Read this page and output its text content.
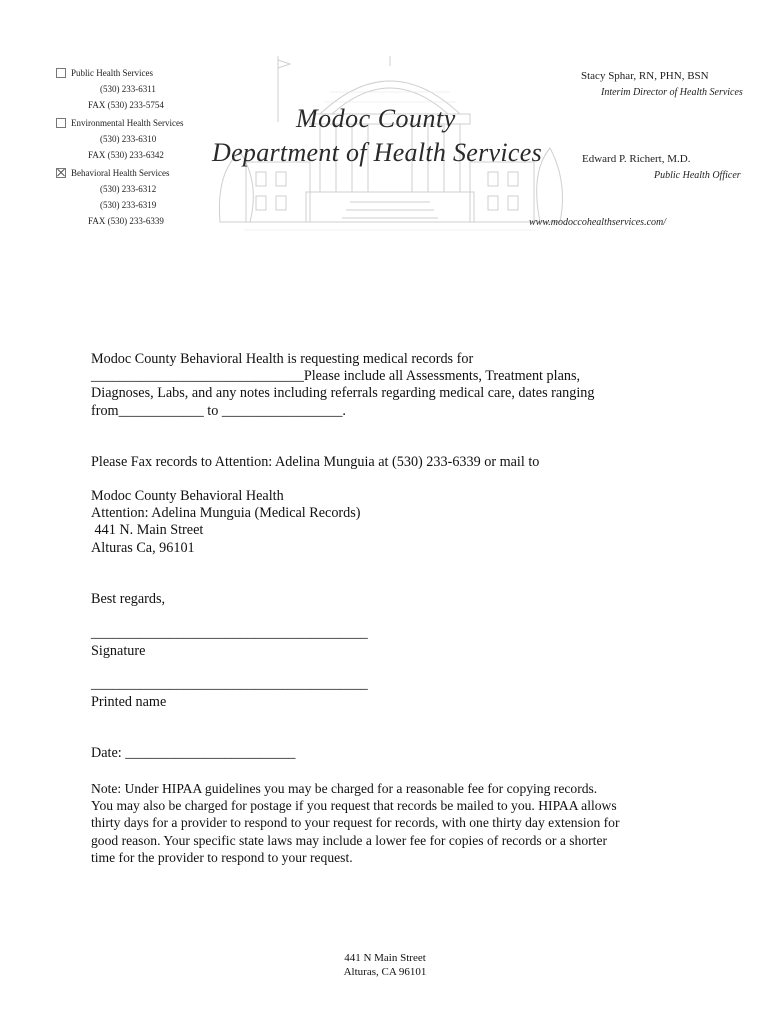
Public Health Services
(530) 233-6311
FAX (530) 233-5754
Environmental Health Services
(530) 233-6310
FAX (530) 233-6342
Behavioral Health Services
(530) 233-6312
(530) 233-6319
FAX (530) 233-6339
Modoc County
Department of Health Services
Stacy Sphar, RN, PHN, BSN
Interim Director of Health Services
Edward P. Richert, M.D.
Public Health Officer
www.modoccohealthservices.com/
Modoc County Behavioral Health is requesting medical records for
______________________________Please include all Assessments, Treatment plans,
Diagnoses, Labs, and any notes including referrals regarding medical care, dates ranging
from____________ to _________________.
Please Fax records to Attention: Adelina Munguia at (530) 233-6339 or mail to
Modoc County Behavioral Health
Attention: Adelina Munguia (Medical Records)
441 N. Main Street
Alturas Ca, 96101
Best regards,
_______________________________________
Signature
_______________________________________
Printed name
Date: ________________________
Note: Under HIPAA guidelines you may be charged for a reasonable fee for copying records.
You may also be charged for postage if you request that records be mailed to you. HIPAA allows
thirty days for a provider to respond to your request for records, with one thirty day extension for
good reason. Your specific state laws may include a lower fee for copies of records or a shorter
time for the provider to respond to your request.
441 N Main Street
Alturas, CA 96101
